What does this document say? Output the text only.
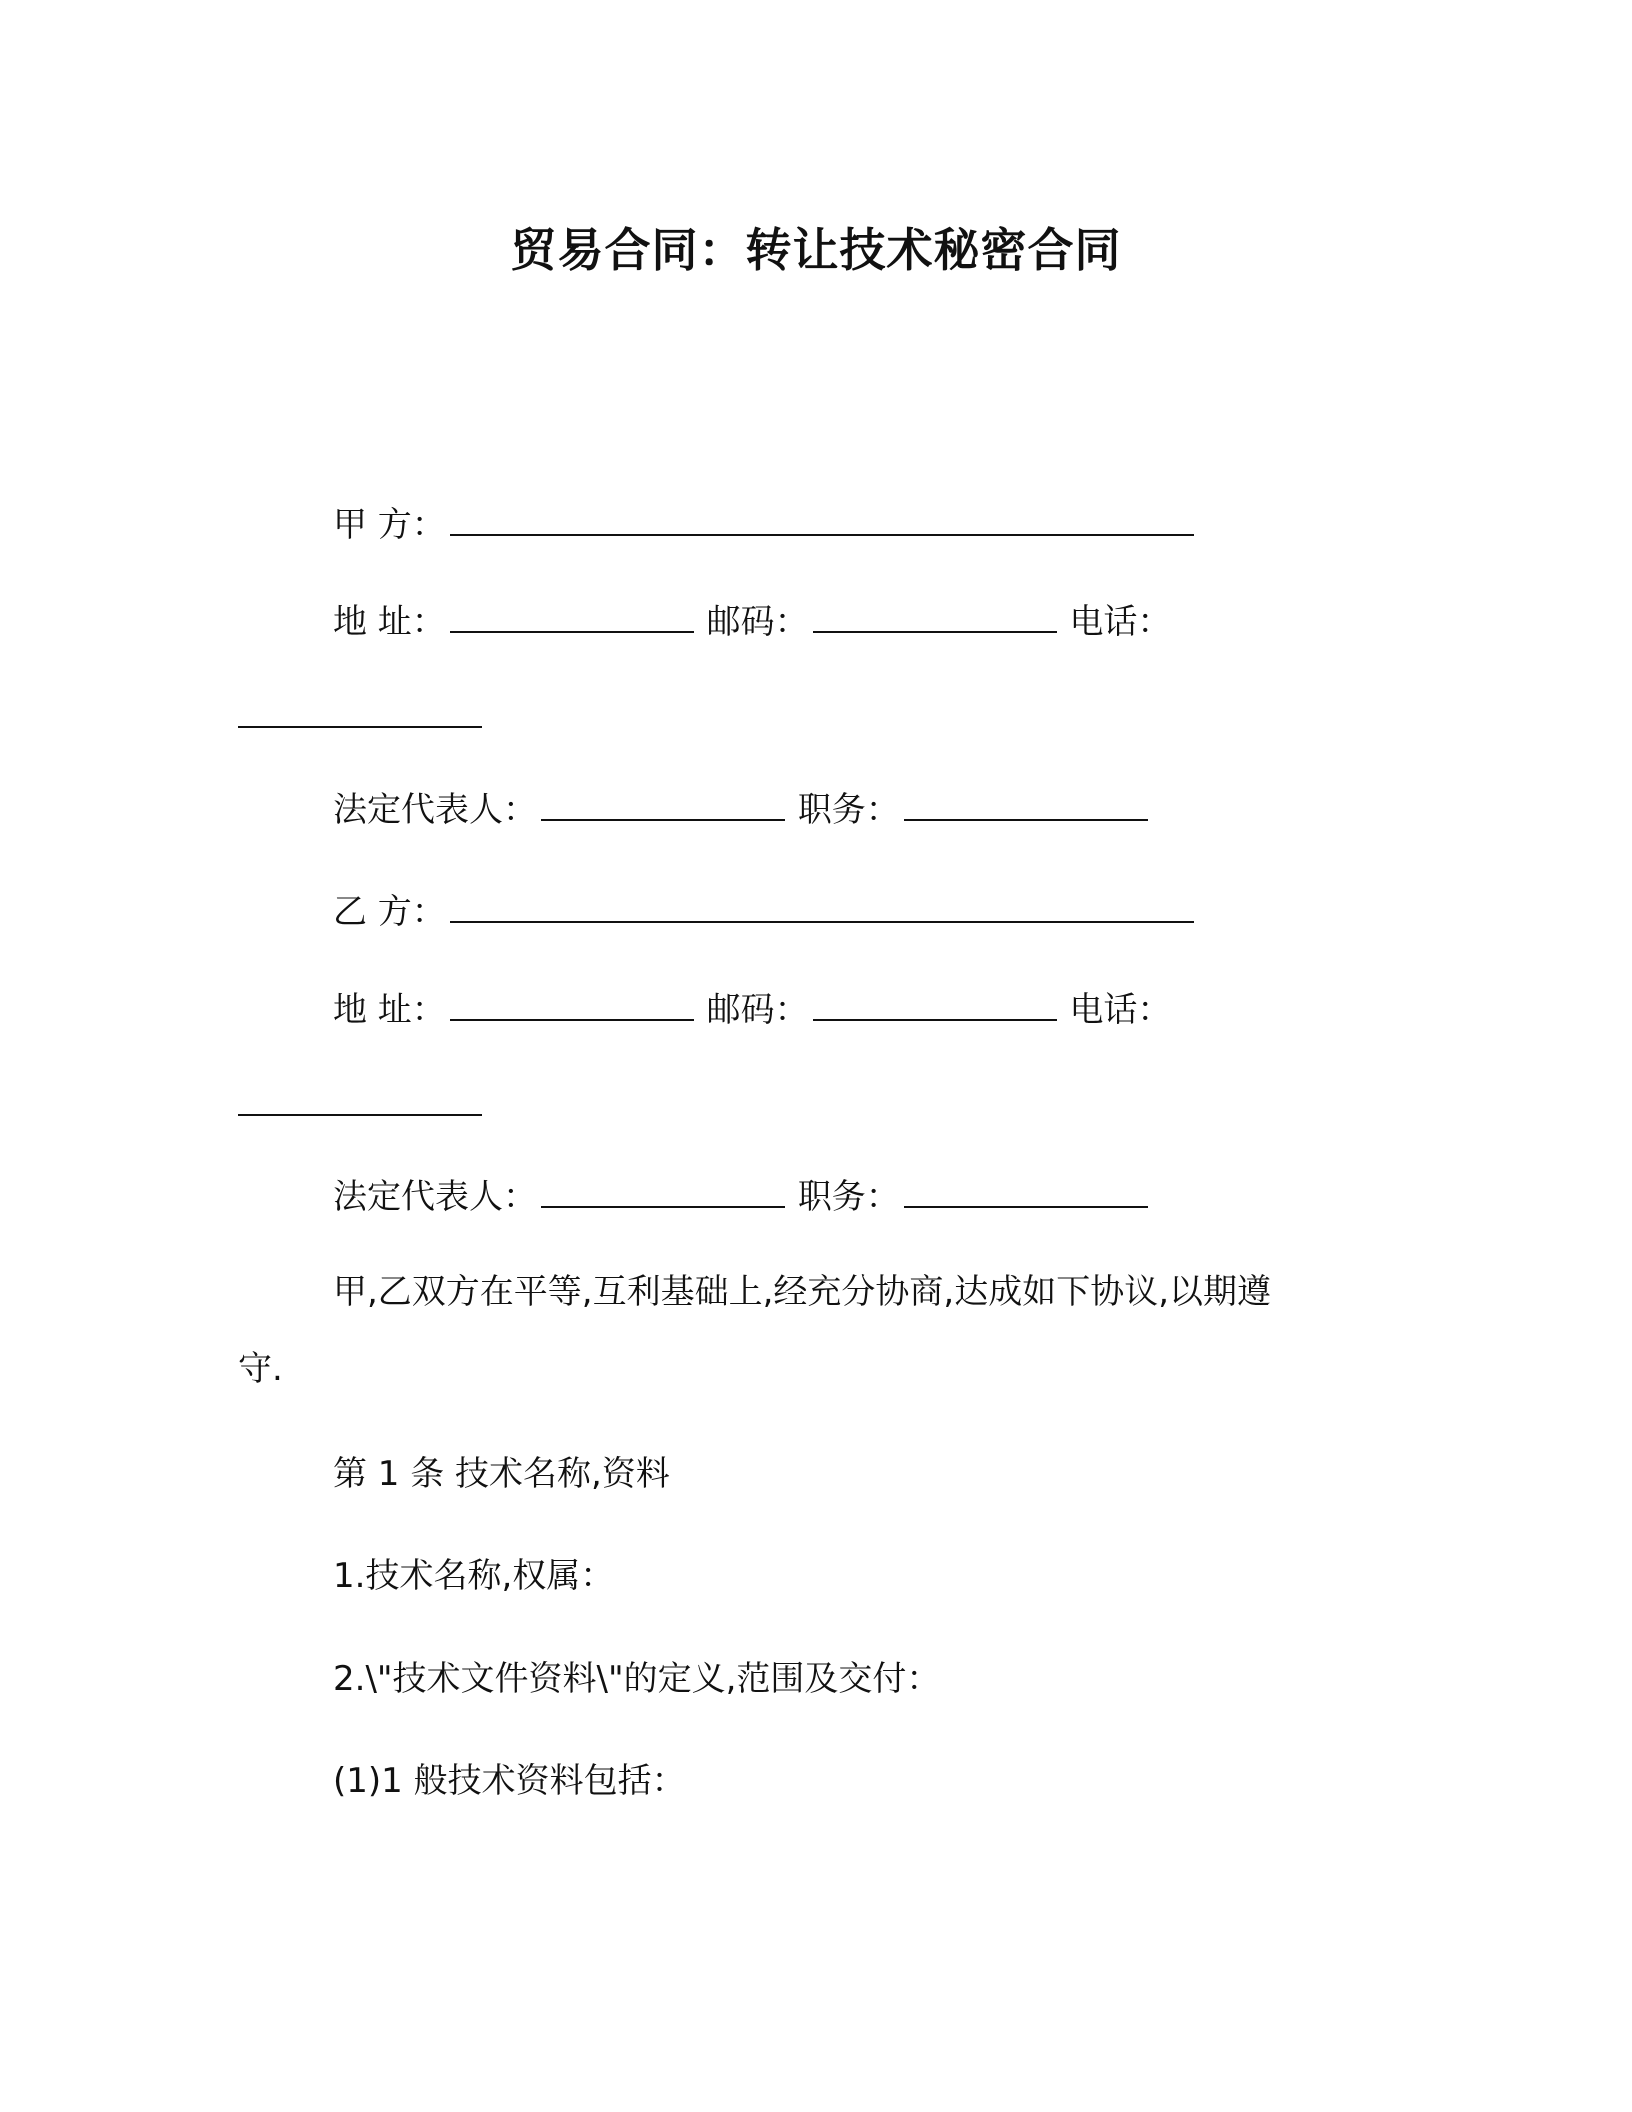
贸易合同：转让技术秘密合同
甲 方：
地 址：	邮码：	电话：
法定代表人：	职务：
乙 方：
地 址：	邮码：	电话：
法定代表人：	职务：
甲,乙双方在平等,互利基础上,经充分协商,达成如下协议,以期遵
守.
第 1 条 技术名称,资料
1.技术名称,权属：
2.\"技术文件资料\"的定义,范围及交付：
(1)1 般技术资料包括：
